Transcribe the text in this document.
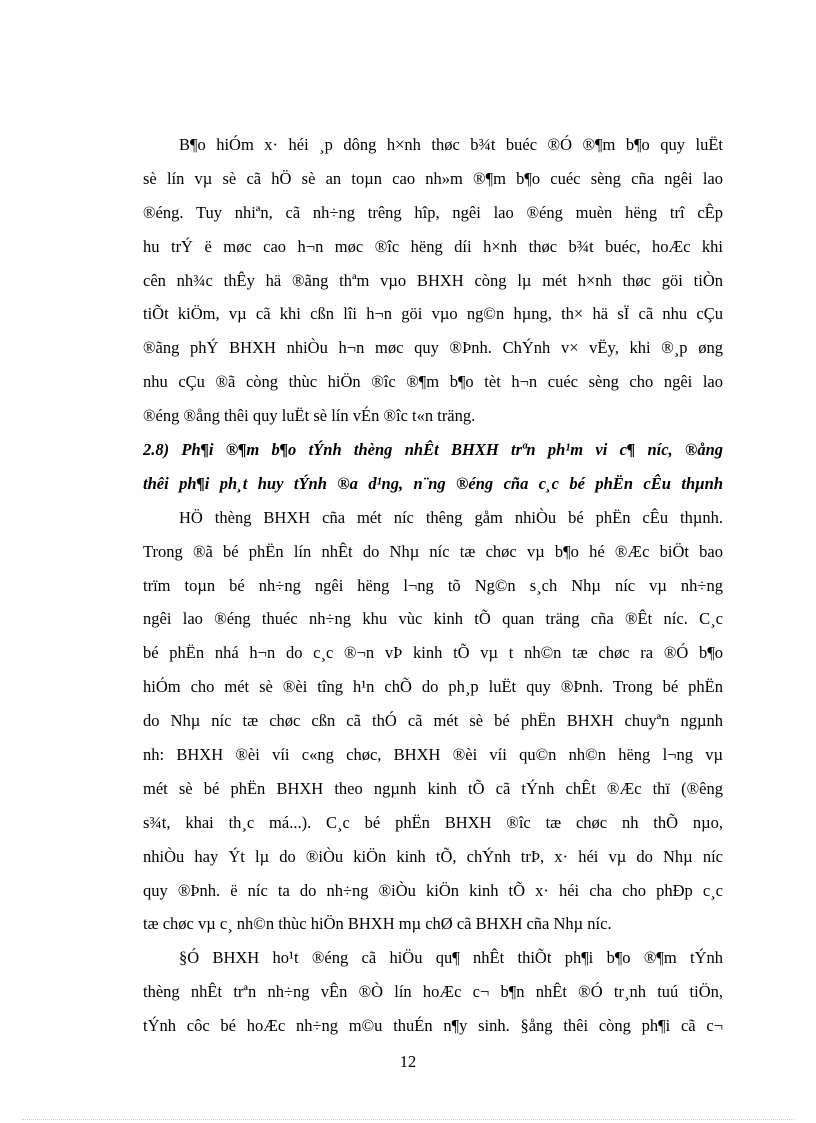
B¶o hiÓm x· héi ¸p dông h×nh thøc b¾t buéc ®Ó ®¶m b¶o quy luËt
sè lín vµ sè cã hÖ sè an toµn cao nh»m ®¶m b¶o cuéc sèng cña ngêi lao
®éng. Tuy nhiªn, cã nh÷ng trêng hîp, ngêi lao ®éng muèn hëng trî cÊp
hu trÝ ë møc cao h¬n møc ®îc hëng díi h×nh thøc b¾t buéc, hoÆc khi
cên nh¾c thÊy hä ®ãng thªm vµo BHXH còng lµ mét h×nh thøc göi tiÒn
tiÕt kiÖm, vµ cã khi cßn lîi h¬n göi vµo ng©n hµng, th× hä sÏ cã nhu cÇu
®ãng phÝ BHXH nhiÒu h¬n møc quy ®Þnh. ChÝnh v× vËy, khi ®¸p øng
nhu cÇu ®ã còng thùc hiÖn ®îc ®¶m b¶o tèt h¬n cuéc sèng cho ngêi lao
®éng ®ång thêi quy luËt sè lín vÉn ®îc t«n träng.
2.8) Ph¶i ®¶m b¶o tÝnh thèng nhÊt BHXH trªn ph¹m vi c¶ níc, ®ång
thêi ph¶i ph¸t huy tÝnh ®a d¹ng, n¨ng ®éng cña c¸c bé phËn cÊu thµnh
HÖ thèng BHXH cña mét níc thêng gåm nhiÒu bé phËn cÊu thµnh.
Trong ®ã bé phËn lín nhÊt do Nhµ níc tæ chøc vµ b¶o hé ®Æc biÖt bao
trïm toµn bé nh÷ng ngêi hëng l¬ng tõ Ng©n s¸ch Nhµ níc vµ nh÷ng
ngêi lao ®éng thuéc nh÷ng khu vùc kinh tÕ quan träng cña ®Êt níc. C¸c
bé phËn nhá h¬n do c¸c ®¬n vÞ kinh tÕ vµ t nh©n tæ chøc ra ®Ó b¶o
hiÓm cho mét sè ®èi tîng h¹n chÕ do ph¸p luËt quy ®Þnh. Trong bé phËn
do Nhµ níc tæ chøc cßn cã thÓ cã mét sè bé phËn BHXH chuyªn ngµnh
nh: BHXH ®èi víi c«ng chøc, BHXH ®èi víi qu©n nh©n hëng l¬ng vµ
mét sè bé phËn BHXH theo ngµnh kinh tÕ cã tÝnh chÊt ®Æc thï (®êng
s¾t, khai th¸c má...). C¸c bé phËn BHXH ®îc tæ chøc nh thÕ nµo,
nhiÒu hay Ýt lµ do ®iÒu kiÖn kinh tÕ, chÝnh trÞ, x· héi vµ do Nhµ níc
quy ®Þnh. ë níc ta do nh÷ng ®iÒu kiÖn kinh tÕ x· héi cha cho phÐp c¸c
tæ chøc vµ c¸ nh©n thùc hiÖn BHXH mµ chØ cã BHXH cña Nhµ níc.
§Ó BHXH ho¹t ®éng cã hiÖu qu¶ nhÊt thiÕt ph¶i b¶o ®¶m tÝnh
thèng nhÊt trªn nh÷ng vÊn ®Ò lín hoÆc c¬ b¶n nhÊt ®Ó tr¸nh tuú tiÖn,
tÝnh côc bé hoÆc nh÷ng m©u thuÉn n¶y sinh. §ång thêi còng ph¶i cã c¬
12
